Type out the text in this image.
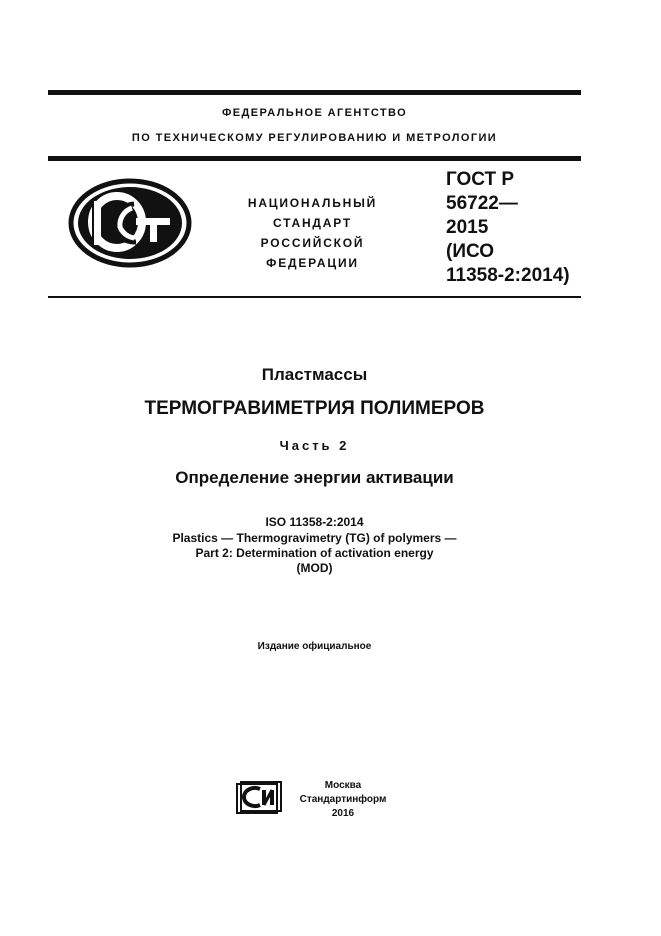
ФЕДЕРАЛЬНОЕ АГЕНТСТВО
ПО ТЕХНИЧЕСКОМУ РЕГУЛИРОВАНИЮ И МЕТРОЛОГИИ
НАЦИОНАЛЬНЫЙ
СТАНДАРТ
РОССИЙСКОЙ
ФЕДЕРАЦИИ
ГОСТ Р
56722—
2015
(ИСО
11358-2:2014)
Пластмассы
ТЕРМОГРАВИМЕТРИЯ ПОЛИМЕРОВ
Часть 2
Определение энергии активации
ISO 11358-2:2014
Plastics — Thermogravimetry (TG) of polymers —
Part 2: Determination of activation energy
(MOD)
Издание официальное
Москва
Стандартинформ
2016
